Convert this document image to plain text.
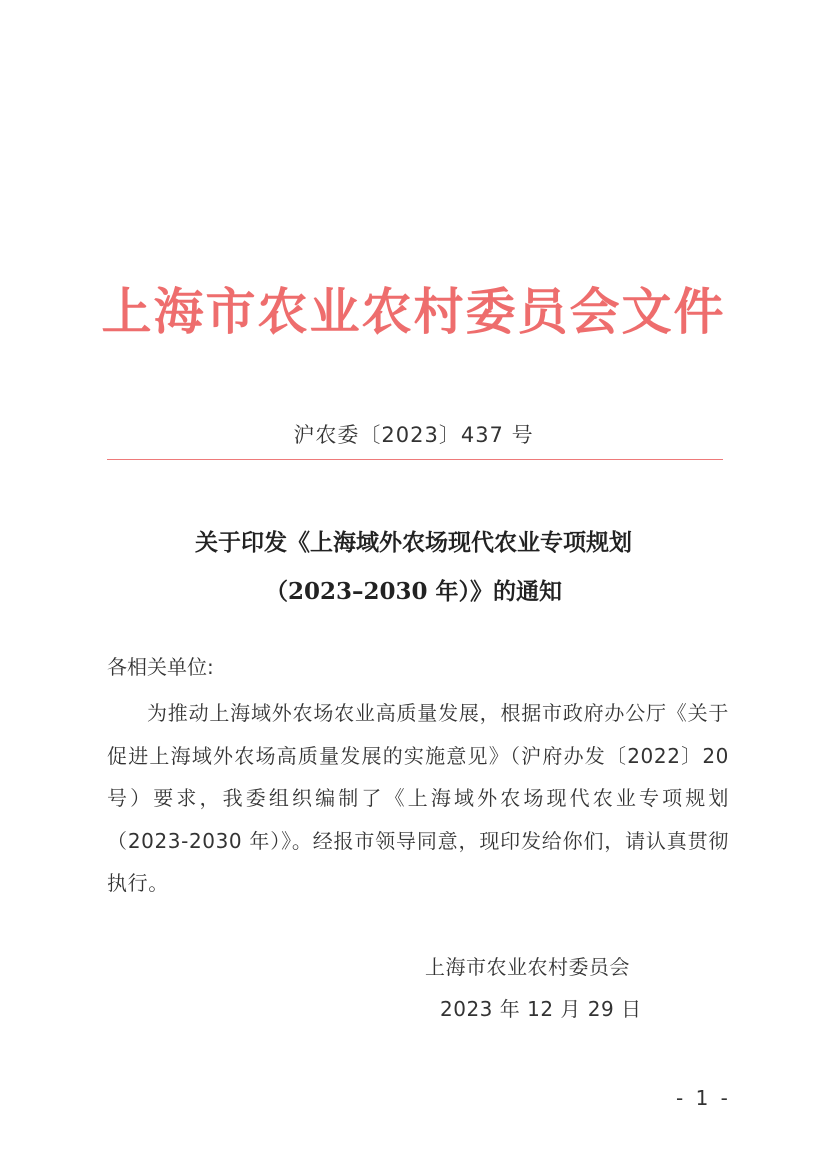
上海市农业农村委员会文件
沪农委〔2023〕437 号
关于印发《上海域外农场现代农业专项规划
（2023–2030 年）》的通知
各相关单位:
为推动上海域外农场农业高质量发展，根据市政府办公厅《关于促进上海域外农场高质量发展的实施意见》（沪府办发〔2022〕20 号）要求，我委组织编制了《上海域外农场现代农业专项规划（2023-2030 年）》。经报市领导同意，现印发给你们，请认真贯彻执行。
上海市农业农村委员会
2023 年 12 月 29 日
- 1 -
